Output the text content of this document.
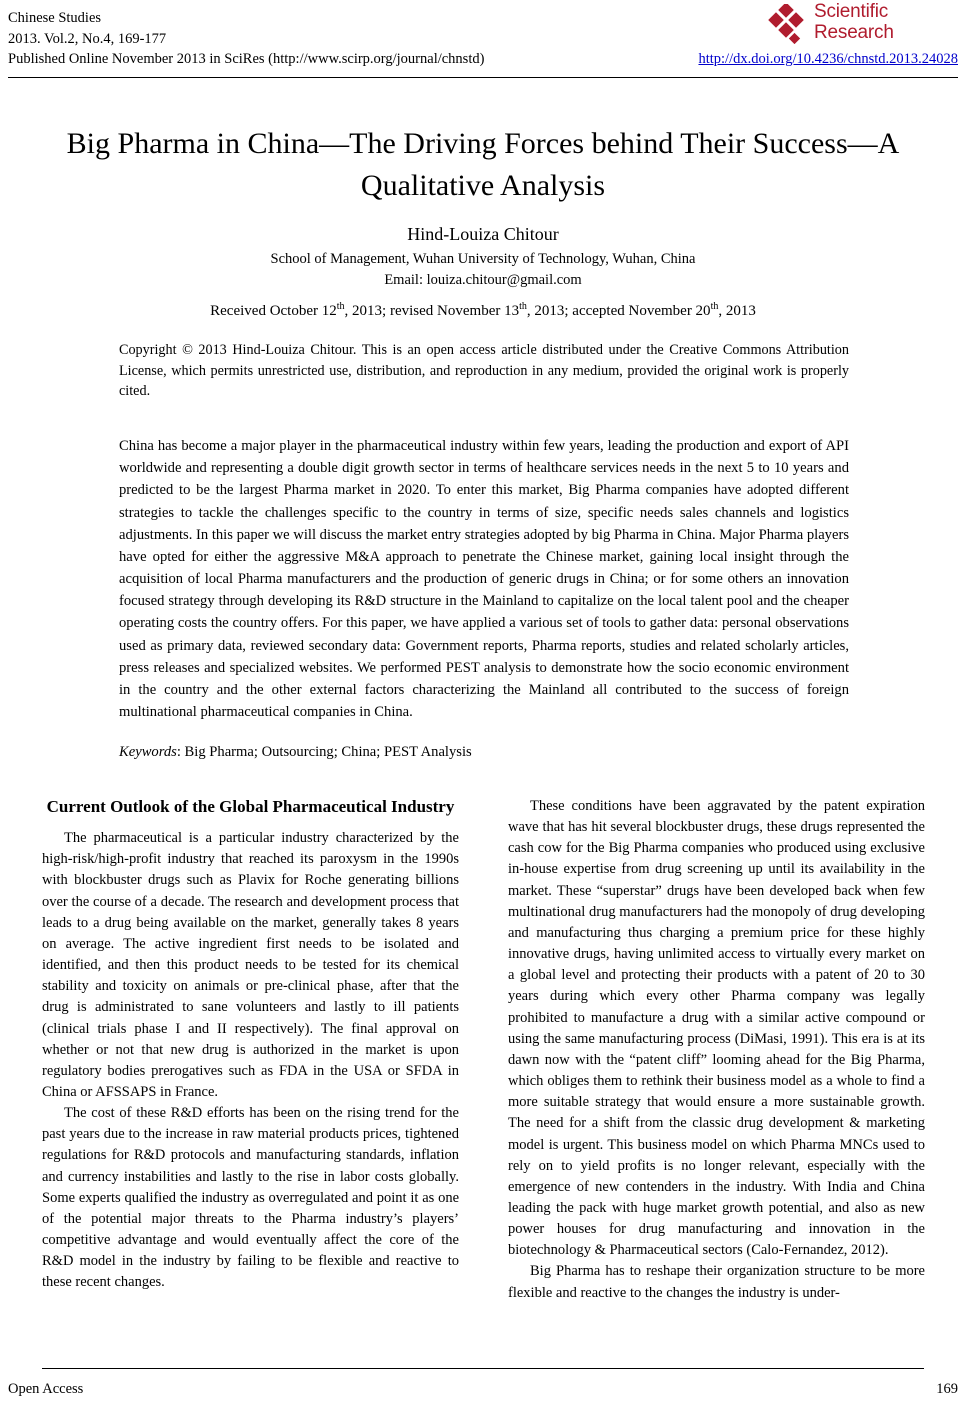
Chinese Studies
2013. Vol.2, No.4, 169-177
Published Online November 2013 in SciRes (http://www.scirp.org/journal/chnstd)	http://dx.doi.org/10.4236/chnstd.2013.24028
Scientific
Research
Big Pharma in China—The Driving Forces behind Their Success—A Qualitative Analysis
Hind-Louiza Chitour
School of Management, Wuhan University of Technology, Wuhan, China
Email: louiza.chitour@gmail.com
Received October 12th, 2013; revised November 13th, 2013; accepted November 20th, 2013
Copyright © 2013 Hind-Louiza Chitour. This is an open access article distributed under the Creative Commons Attribution License, which permits unrestricted use, distribution, and reproduction in any medium, provided the original work is properly cited.
China has become a major player in the pharmaceutical industry within few years, leading the production and export of API worldwide and representing a double digit growth sector in terms of healthcare services needs in the next 5 to 10 years and predicted to be the largest Pharma market in 2020. To enter this market, Big Pharma companies have adopted different strategies to tackle the challenges specific to the country in terms of size, specific needs sales channels and logistics adjustments. In this paper we will discuss the market entry strategies adopted by big Pharma in China. Major Pharma players have opted for either the aggressive M&A approach to penetrate the Chinese market, gaining local insight through the acquisition of local Pharma manufacturers and the production of generic drugs in China; or for some others an innovation focused strategy through developing its R&D structure in the Mainland to capitalize on the local talent pool and the cheaper operating costs the country offers. For this paper, we have applied a various set of tools to gather data: personal observations used as primary data, reviewed secondary data: Government reports, Pharma reports, studies and related scholarly articles, press releases and specialized websites. We performed PEST analysis to demonstrate how the socio economic environment in the country and the other external factors characterizing the Mainland all contributed to the success of foreign multinational pharmaceutical companies in China.
Keywords: Big Pharma; Outsourcing; China; PEST Analysis
Current Outlook of the Global Pharmaceutical Industry

The pharmaceutical is a particular industry characterized by the high-risk/high-profit industry that reached its paroxysm in the 1990s with blockbuster drugs such as Plavix for Roche generating billions over the course of a decade. The research and development process that leads to a drug being available on the market, generally takes 8 years on average. The active ingredient first needs to be isolated and identified, and then this product needs to be tested for its chemical stability and toxicity on animals or pre-clinical phase, after that the drug is administrated to sane volunteers and lastly to ill patients (clinical trials phase I and II respectively). The final approval on whether or not that new drug is authorized in the market is upon regulatory bodies prerogatives such as FDA in the USA or SFDA in China or AFSSAPS in France.

The cost of these R&D efforts has been on the rising trend for the past years due to the increase in raw material products prices, tightened regulations for R&D protocols and manufacturing standards, inflation and currency instabilities and lastly to the rise in labor costs globally. Some experts qualified the industry as overregulated and point it as one of the potential major threats to the Pharma industry’s players’ competitive advantage and would eventually affect the core of the R&D model in the industry by failing to be flexible and reactive to these recent changes.

These conditions have been aggravated by the patent expiration wave that has hit several blockbuster drugs, these drugs represented the cash cow for the Big Pharma companies who produced using exclusive in-house expertise from drug screening up until its availability in the market. These “superstar” drugs have been developed back when few multinational drug manufacturers had the monopoly of drug developing and manufacturing thus charging a premium price for these highly innovative drugs, having unlimited access to virtually every market on a global level and protecting their products with a patent of 20 to 30 years during which every other Pharma company was legally prohibited to manufacture a drug with a similar active compound or using the same manufacturing process (DiMasi, 1991). This era is at its dawn now with the “patent cliff” looming ahead for the Big Pharma, which obliges them to rethink their business model as a whole to find a more suitable strategy that would ensure a more sustainable growth. The need for a shift from the classic drug development & marketing model is urgent. This business model on which Pharma MNCs used to rely on to yield profits is no longer relevant, especially with the emergence of new contenders in the industry. With India and China leading the pack with huge market growth potential, and also as new power houses for drug manufacturing and innovation in the biotechnology & Pharmaceutical sectors (Calo-Fernandez, 2012).

Big Pharma has to reshape their organization structure to be more flexible and reactive to the changes the industry is under-

Open Access	169
